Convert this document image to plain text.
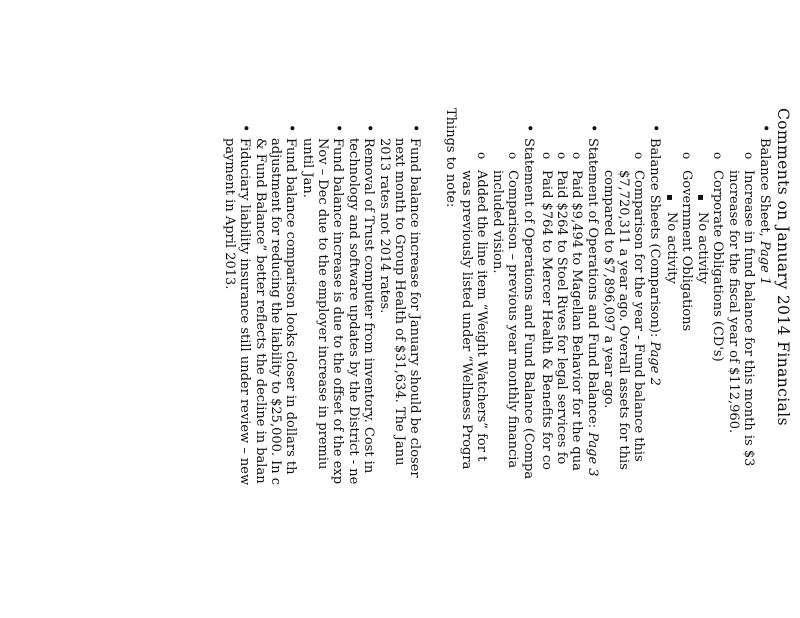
Comments on January 2014 Financials
•
Balance Sheet, Page 1
o
Increase in fund balance for this month is $3
increase for the fiscal year of $112,960.
o
Corporate Obligations (CD's)
▪
No activity
o
Government Obligations
▪
No activity
•
Balance Sheets (Comparison): Page 2
o
Comparison for the year - Fund balance this
$7,720,311 a year ago. Overall assets for this
compared to $7,896,097 a year ago.
•
Statement of Operations and Fund Balance: Page 3
o
Paid $9,494 to Magellan Behavior for the qua
o
Paid $264 to Stoel Rives for legal services fo
o
Paid $764 to Mercer Health & Benefits for co
•
Statement of Operations and Fund Balance (Compa
o
Comparison – previous year monthly financia
included vision.
o
Added the line item “Weight Watchers” for t
was previously listed under “Wellness Progra
Things to note:
•
Fund balance increase for January should be closer
next month to Group Health of $31,634. The Janu
2013 rates not 2014 rates.
•
Removal of Trust computer from inventory. Cost in
technology and software updates by the District - ne
•
Fund balance increase is due to the offset of the exp
Nov – Dec due to the employer increase in premiu
until Jan.
•
Fund balance comparison looks closer in dollars th
adjustment for reducing the liability to $25,000. In c
& Fund Balance” better reflects the decline in balan
•
Fiduciary liability insurance still under review – new
payment in April 2013.
